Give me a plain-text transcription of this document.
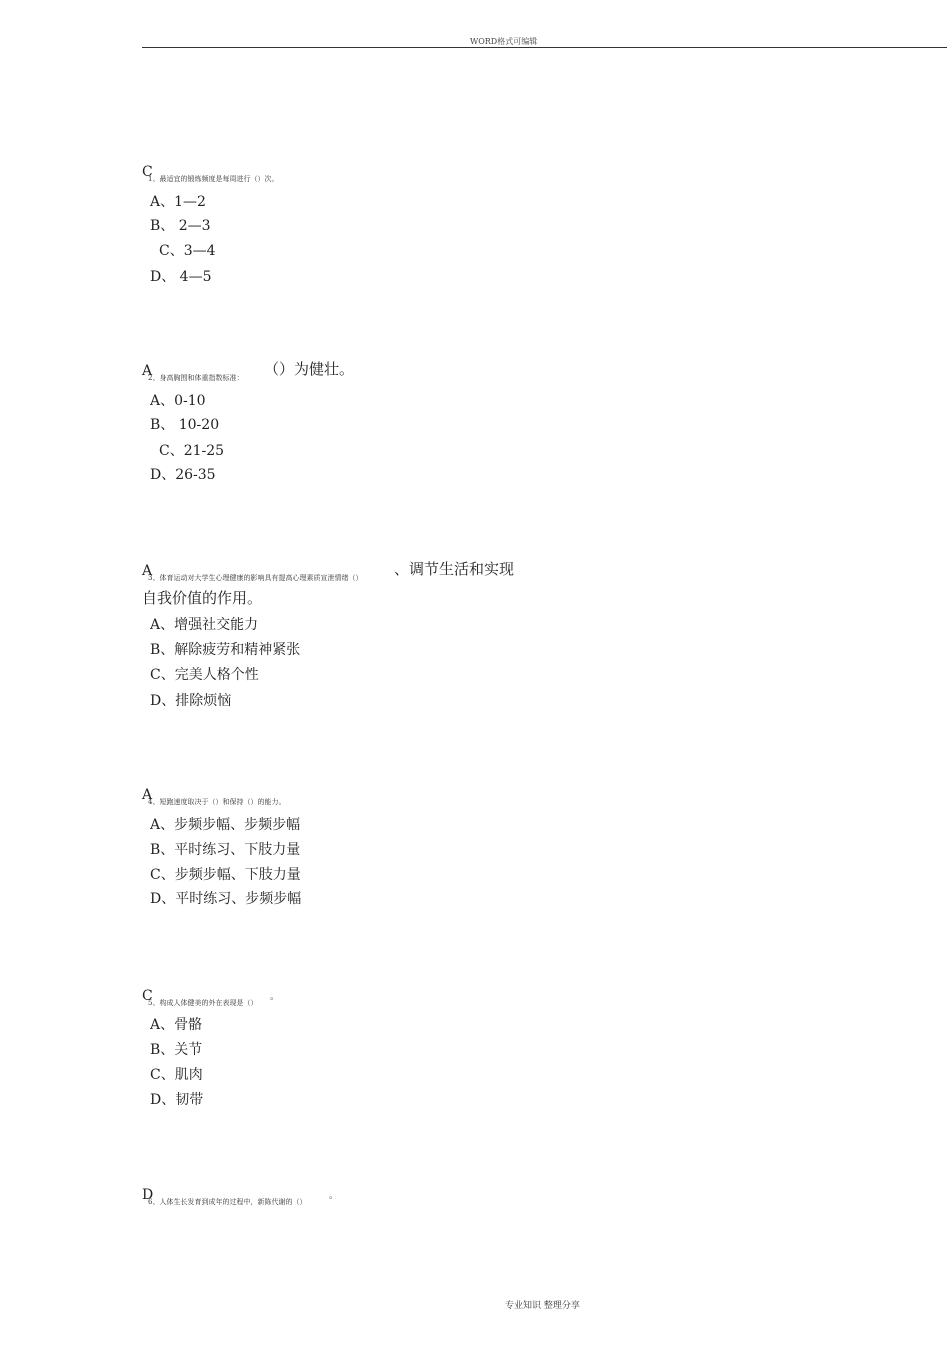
WORD格式可编辑
C
1、最适宜的锻炼频度是每周进行（）次。
A、1—2
B、 2—3
C、3—4
D、 4—5
A
2、身高胸围和体重指数标准： （）为健壮。
A、0-10
B、 10-20
C、21-25
D、26-35
A
3、体育运动对大学生心理健康的影响具有提高心理素质宣泄情绪（） 、调节生活和实现
自我价值的作用。
A、增强社交能力
B、解除疲劳和精神紧张
C、完美人格个性
D、排除烦恼
A
4、短跑速度取决于（）和保持（）的能力。
A、步频步幅、步频步幅
B、平时练习、下肢力量
C、步频步幅、下肢力量
D、平时练习、步频步幅
C
5、构成人体健美的外在表现是（）
。
A、骨骼
B、关节
C、肌肉
D、韧带
D
6、人体生长发育到成年的过程中，新陈代谢的（）
。
专业知识 整理分享
